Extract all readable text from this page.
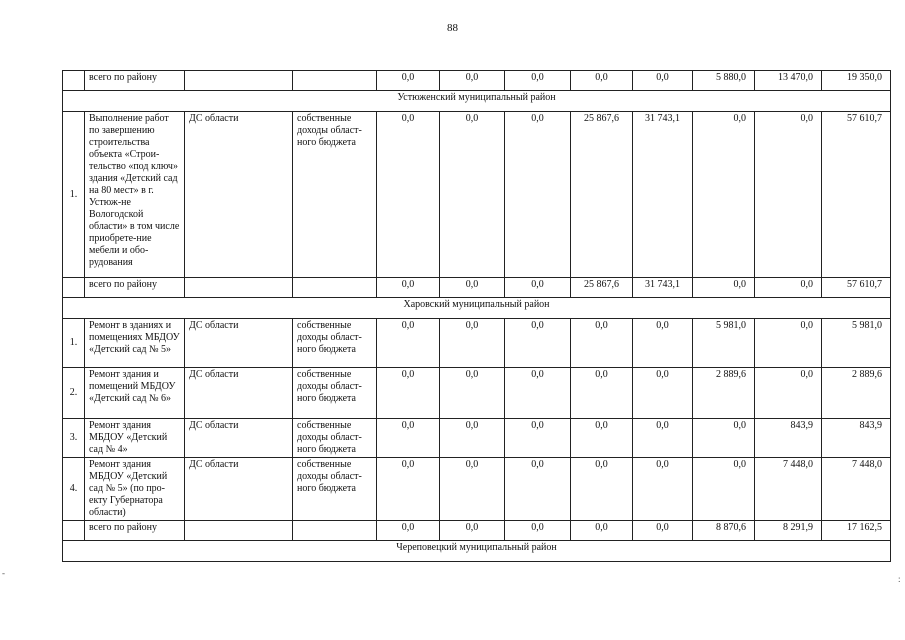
88
	всего по району			0,0	0,0	0,0	0,0	0,0	5 880,0	13 470,0	19 350,0
Устюженский муниципальный район											
1.	Выполнение работ по завершению строительства объекта «Строи-тельство «под ключ» здания «Детский сад на 80 мест» в г. Устюж-не Вологодской области» в том числе приобрете-ние мебели и обо-рудования	ДС области	собственные доходы област-ного бюджета	0,0	0,0	0,0	25 867,6	31 743,1	0,0	0,0	57 610,7
	всего по району			0,0	0,0	0,0	25 867,6	31 743,1	0,0	0,0	57 610,7
Харовский муниципальный район											
1.	Ремонт в зданиях и помещениях МБДОУ «Детский сад № 5»	ДС области	собственные доходы област-ного бюджета	0,0	0,0	0,0	0,0	0,0	5 981,0	0,0	5 981,0
2.	Ремонт здания и помещений МБДОУ «Детский сад № 6»	ДС области	собственные доходы област-ного бюджета	0,0	0,0	0,0	0,0	0,0	2 889,6	0,0	2 889,6
3.	Ремонт здания МБДОУ «Детский сад № 4»	ДС области	собственные доходы област-ного бюджета	0,0	0,0	0,0	0,0	0,0	0,0	843,9	843,9
4.	Ремонт здания МБДОУ «Детский сад № 5» (по про-екту Губернатора области)	ДС области	собственные доходы област-ного бюджета	0,0	0,0	0,0	0,0	0,0	0,0	7 448,0	7 448,0
	всего по району			0,0	0,0	0,0	0,0	0,0	8 870,6	8 291,9	17 162,5
Череповецкий муниципальный район											
-
:
